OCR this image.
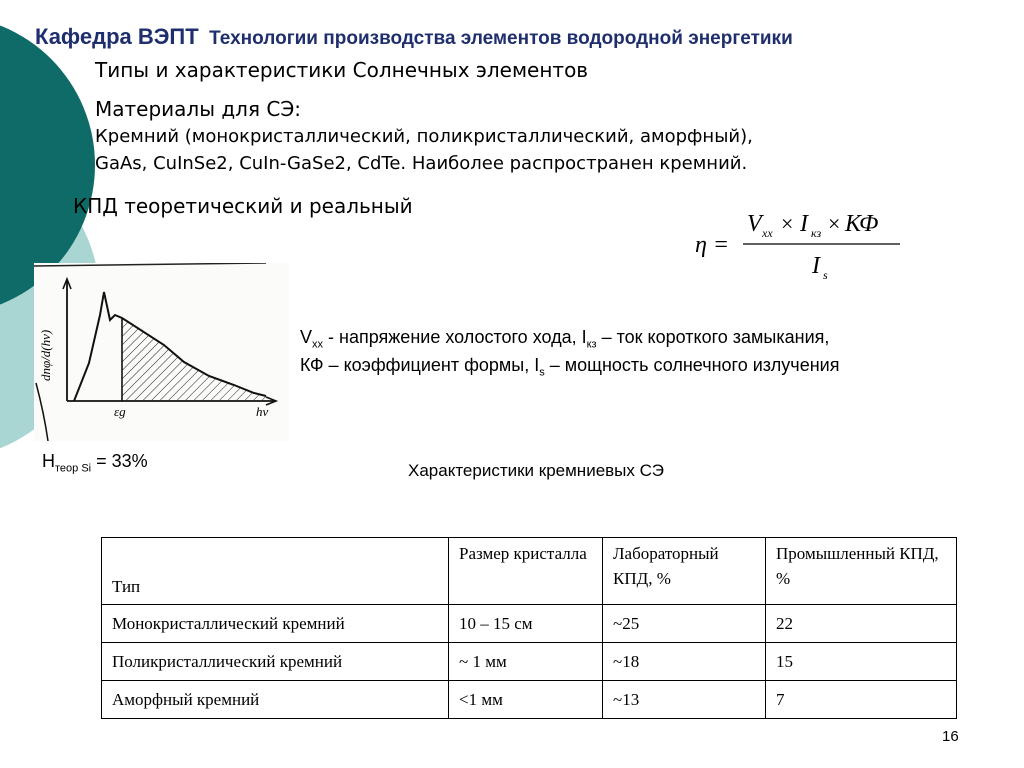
Кафедра ВЭПТ Технологии производства элементов водородной энергетики
Типы и характеристики Солнечных элементов
Материалы для СЭ:
Кремний (монокристаллический, поликристаллический, аморфный),
GaAs, CuInSe2, CuIn-GaSe2, CdTe. Наиболее распространен кремний.
КПД теоретический и реальный
η =
V xx × I кз × КФ
I s
dnφ/d(hν)
εg	hν
$V_{xx}$ - напряжение холостого хода, $I_{кз}$ – ток короткого замыкания,
КФ – коэффициент формы, $I_s$ – мощность солнечного излучения
$Н_{теор Si} = 33\%$	Характеристики кремниевых СЭ
Тип	Размер кристалла	Лабораторный КПД, %	Промышленный КПД, %
Монокристаллический кремний	10 – 15 см	~25	22
Поликристаллический кремний	~ 1 мм	~18	15
Аморфный кремний	<1 мм	~13	7
16
